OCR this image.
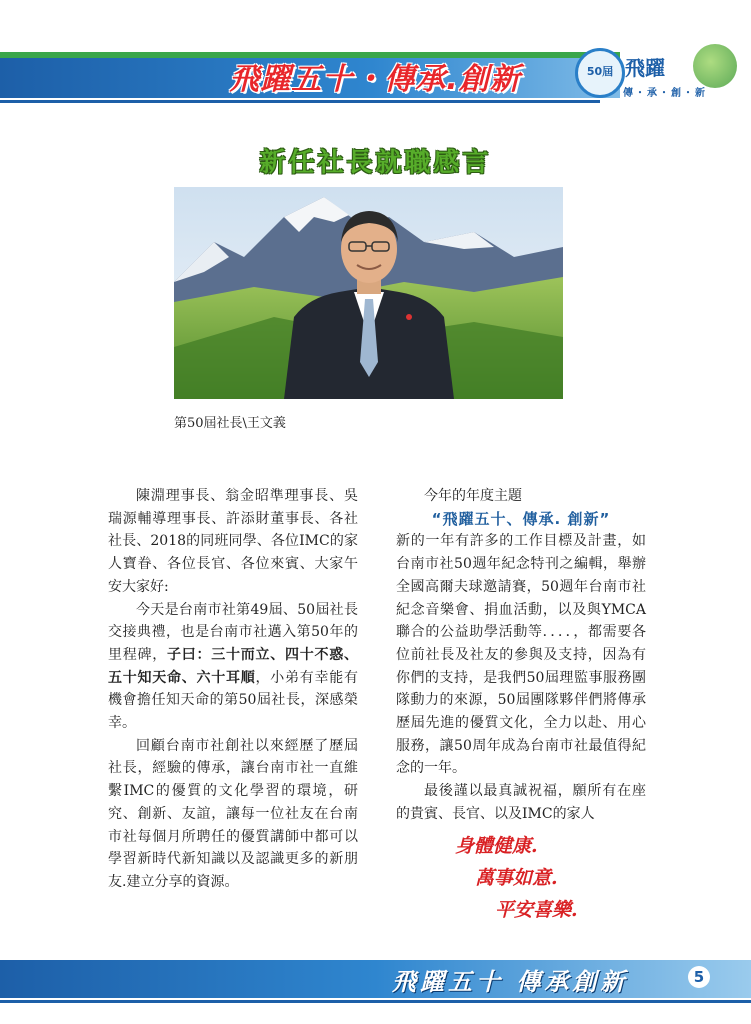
飛躍五十・傳承.創新	50屆 飛躍
傳・承・創・新
新任社長就職感言
第50屆社長\王文義

陳淵理事長、翁金昭準理事長、吳瑞源輔導理事長、許添財董事長、各社社長、2018的同班同學、各位IMC的家人寶眷、各位長官、各位來賓、大家午安大家好:

今天是台南市社第49屆、50屆社長交接典禮，也是台南市社邁入第50年的里程碑，子曰：三十而立、四十不惑、五十知天命、六十耳順，小弟有幸能有機會擔任知天命的第50屆社長，深感榮幸。

回顧台南市社創社以來經歷了歷屆社長，經驗的傳承，讓台南市社一直維繫IMC的優質的文化學習的環境，研究、創新、友誼，讓每一位社友在台南市社每個月所聘任的優質講師中都可以學習新時代新知識以及認識更多的新朋友.建立分享的資源。

今年的年度主題

“飛躍五十、傳承. 創新”

新的一年有許多的工作目標及計畫，如台南市社50週年紀念特刊之編輯，舉辦全國高爾夫球邀請賽，50週年台南市社紀念音樂會、捐血活動，以及與YMCA聯合的公益助學活動等．．．．，都需要各位前社長及社友的參與及支持，因為有你們的支持，是我們50屆理監事服務團隊動力的來源，50屆團隊夥伴們將傳承歷屆先進的優質文化，全力以赴、用心服務，讓50周年成為台南市社最值得紀念的一年。

最後謹以最真誠祝福，願所有在座的貴賓、長官、以及IMC的家人

身體健康.
萬事如意.
平安喜樂.
飛躍五十 傳承創新	5
